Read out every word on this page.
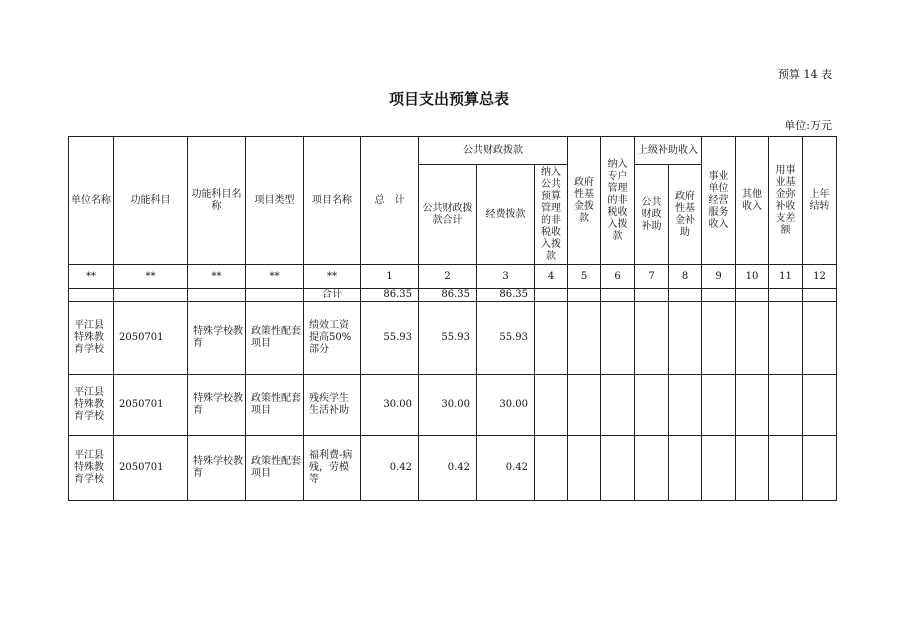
预算 14 表
项目支出预算总表
单位:万元
单位名称	功能科目	功能科目名称	项目类型	项目名称	总　计	公共财政拨款			政府性基金拨款	纳入专户管理的非税收入拨款	上级补助收入		事业单位经营服务收入	其他收入	用事业基金弥补收支差额	上年结转
						公共财政拨款合计	经费拨款	纳入公共预算管理的非税收入拨款			公共财政补助	政府性基金补助				
**	**	**	**	**	1	2	3	4	5	6	7	8	9	10	11	12
				合计	86.35	86.35	86.35									
平江县特殊教育学校	2050701	特殊学校教育	政策性配套项目	绩效工资提高50%部分	55.93	55.93	55.93									
平江县特殊教育学校	2050701	特殊学校教育	政策性配套项目	残疾学生生活补助	30.00	30.00	30.00									
平江县特殊教育学校	2050701	特殊学校教育	政策性配套项目	福利费-病残，劳模等	0.42	0.42	0.42									
